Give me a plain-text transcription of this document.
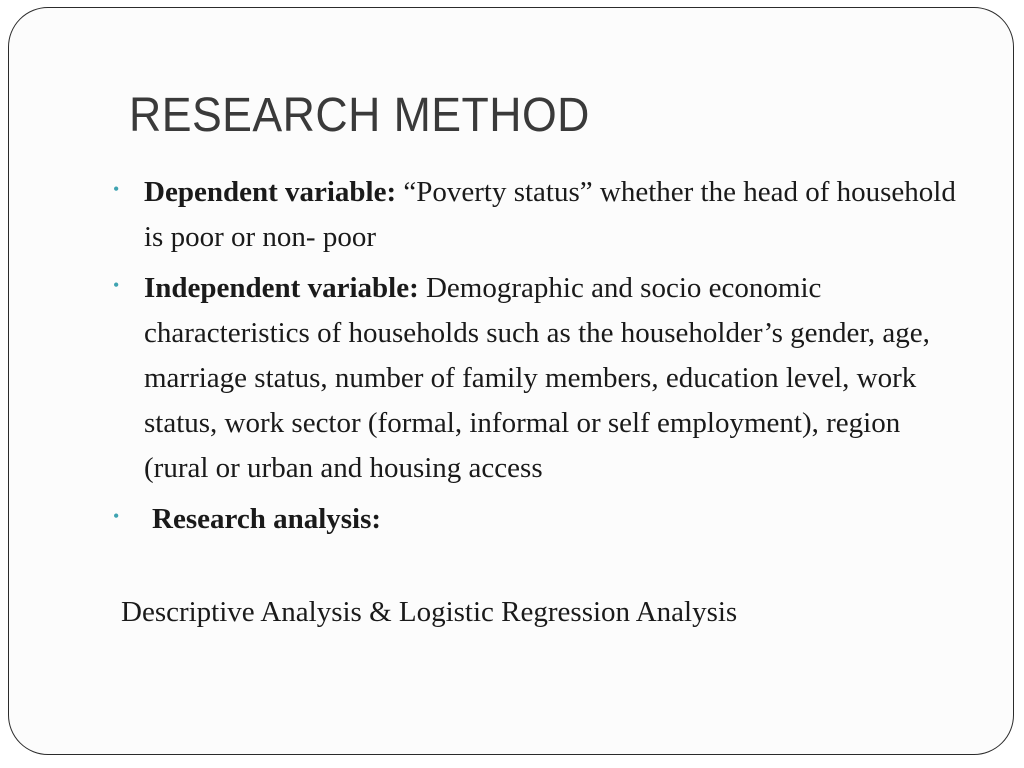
RESEARCH METHOD
• Dependent variable: “Poverty status” whether the head of household is poor or non- poor
• Independent variable: Demographic and socio economic characteristics of households such as the householder’s gender, age, marriage status, number of family members, education level, work status, work sector (formal, informal or self employment), region (rural or urban and housing access
• Research analysis:
Descriptive Analysis & Logistic Regression Analysis
